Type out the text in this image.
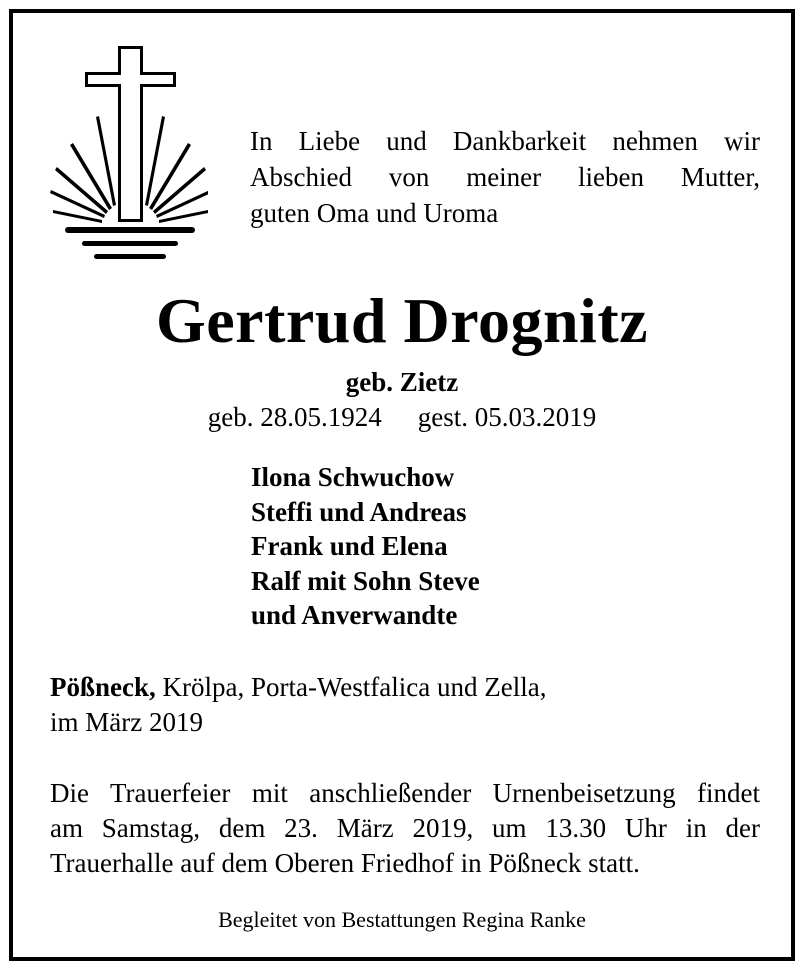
In Liebe und Dankbarkeit nehmen wir
Abschied von meiner lieben Mutter,
guten Oma und Uroma
Gertrud Drognitz
geb. Zietz
geb. 28.05.1924 gest. 05.03.2019
Ilona Schwuchow
Steffi und Andreas
Frank und Elena
Ralf mit Sohn Steve
und Anverwandte
Pößneck, Krölpa, Porta-Westfalica und Zella,
im März 2019
Die Trauerfeier mit anschließender Urnenbeisetzung findet
am Samstag, dem 23. März 2019, um 13.30 Uhr in der
Trauerhalle auf dem Oberen Friedhof in Pößneck statt.
Begleitet von Bestattungen Regina Ranke
